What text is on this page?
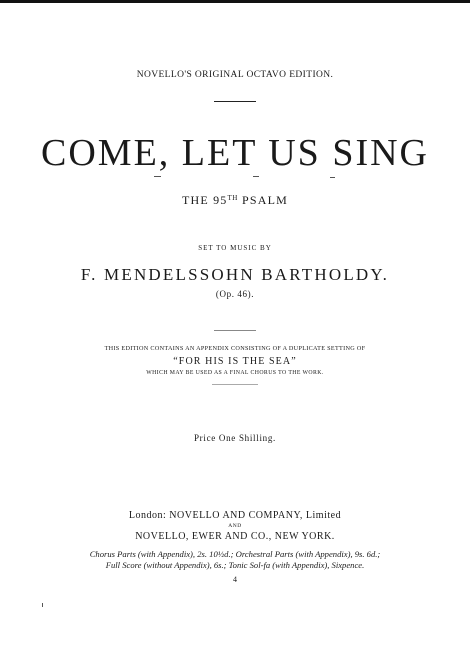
NOVELLO'S ORIGINAL OCTAVO EDITION.
COME, LET US SING
THE 95TH PSALM
SET TO MUSIC BY
F. MENDELSSOHN BARTHOLDY.
(Op. 46).
THIS EDITION CONTAINS AN APPENDIX CONSISTING OF A DUPLICATE SETTING OF
“FOR HIS IS THE SEA”
WHICH MAY BE USED AS A FINAL CHORUS TO THE WORK.
Price One Shilling.
London: NOVELLO AND COMPANY, Limited
AND
NOVELLO, EWER AND CO., NEW YORK.
Chorus Parts (with Appendix), 2s. 10½d.; Orchestral Parts (with Appendix), 9s. 6d.;
Full Score (without Appendix), 6s.; Tonic Sol-fa (with Appendix), Sixpence.
4
